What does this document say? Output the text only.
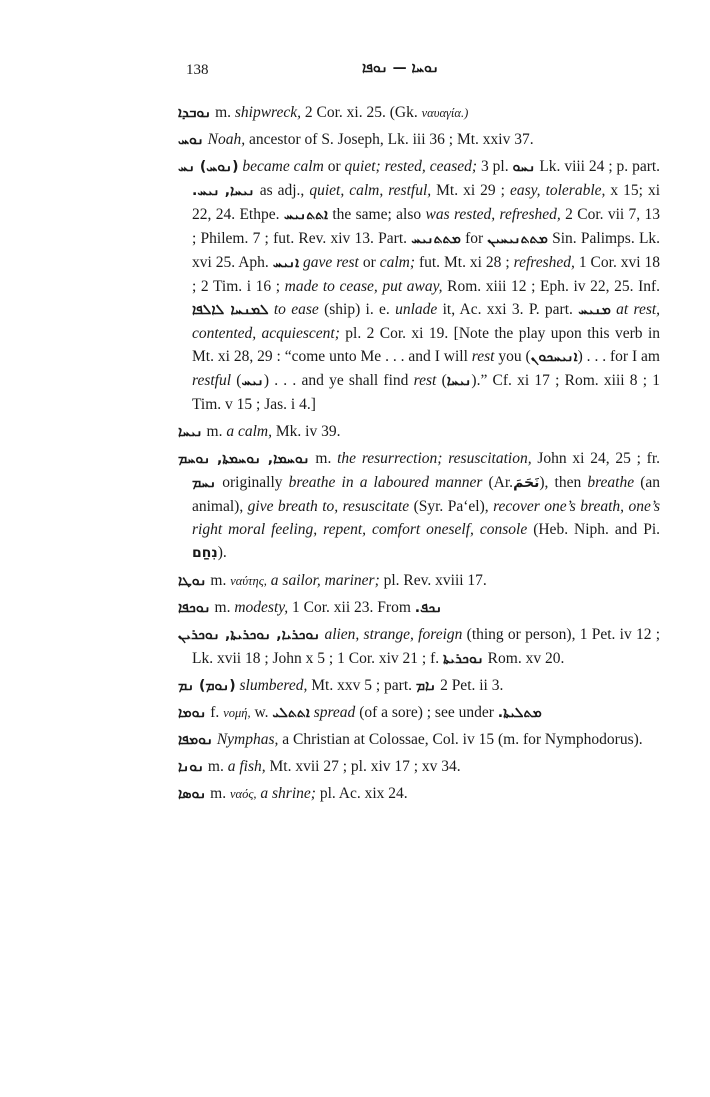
138	ܢܘܚܐ — ܢܘܦܐ

ܢܘܒܕܐ m. shipwreck, 2 Cor. xi. 25. (Gk. ναυαγία.)

ܢܘܚ Noah, ancestor of S. Joseph, Lk. iii 36 ; Mt. xxiv 37.

(ܢܘܚ) ܢܚ became calm or quiet; rested, ceased; 3 pl. ܢܚܘ Lk. viii 24 ; p. part. ܢܝܚ. ܢܝܚܐ, as adj., quiet, calm, restful, Mt. xi 29 ; easy, tolerable, x 15; xi 22, 24. Ethpe. ܐܬܬܢܝܚ the same; also was rested, refreshed, 2 Cor. vii 7, 13 ; Philem. 7 ; fut. Rev. xiv 13. Part. ܡܬܬܢܝܚ for ܡܬܬܢܝܚܝܢ Sin. Palimps. Lk. xvi 25. Aph. ܐܢܝܚ gave rest or calm; fut. Mt. xi 28 ; refreshed, 1 Cor. xvi 18 ; 2 Tim. i 16 ; made to cease, put away, Rom. xiii 12 ; Eph. iv 22, 25. Inf. ܠܡܢܚܐ ܠܐܠܦܐ to ease (ship) i. e. unlade it, Ac. xxi 3. P. part. ܡܢܝܚ at rest, contented, acquiescent; pl. 2 Cor. xi 19. [Note the play upon this verb in Mt. xi 28, 29 : “come unto Me . . . and I will rest you (ܐܢܝܚܟܘܢ) . . . for I am restful (ܢܝܚ) . . . and ye shall find rest (ܢܝܚܐ).” Cf. xi 17 ; Rom. xiii 8 ; 1 Tim. v 15 ; Jas. i 4.]

ܢܝܚܐ m. a calm, Mk. iv 39.

ܢܘܚܡܐ, ܢܘܚܡܬܐ, ܢܘܚܡ m. the resurrection; resuscitation, John xi 24, 25 ; fr. ܢܚܡ originally breathe in a laboured manner (Ar.نَحَمَ), then breathe (an animal), give breath to, resuscitate (Syr. Pa‘el), recover one’s breath, one’s right moral feeling, repent, comfort oneself, console (Heb. Niph. and Pi. נִחַם).

ܢܘܛܐ m. ναύτης, a sailor, mariner; pl. Rev. xviii 17.

ܢܘܟܦܐ m. modesty, 1 Cor. xii 23. From ܢܟܦ.

ܢܘܟܪܝܐ, ܢܘܟܪܝܬܐ, ܢܘܟܪܝܢ alien, strange, foreign (thing or person), 1 Pet. iv 12 ; Lk. xvii 18 ; John x 5 ; 1 Cor. xiv 21 ; f. ܢܘܟܪܝܬܐ Rom. xv 20.

(ܢܘܡ) ܢܡ slumbered, Mt. xxv 5 ; part. ܢܐܡ 2 Pet. ii 3.

ܢܘܡܐ f. νομή, w. ܐܬܬܠܝ spread (of a sore) ; see under ܡܬܠܝܬܐ.

ܢܘܡܦܐ Nymphas, a Christian at Colossae, Col. iv 15 (m. for Nymphodorus).

ܢܘܢܐ m. a fish, Mt. xvii 27 ; pl. xiv 17 ; xv 34.

ܢܘܣܐ m. ναός, a shrine; pl. Ac. xix 24.
